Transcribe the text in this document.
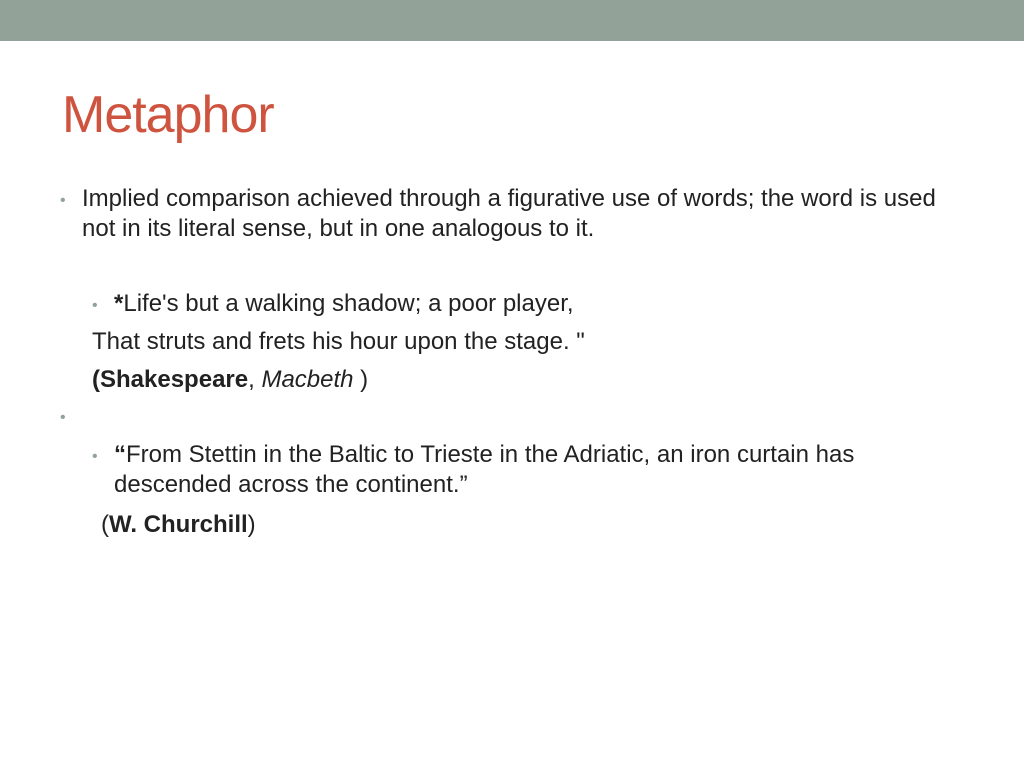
Metaphor
• Implied comparison achieved through a figurative use of words; the word is used not in its literal sense, but in one analogous to it.
• *Life's but a walking shadow; a poor player,
That struts and frets his hour upon the stage. "
(Shakespeare, Macbeth )
•
• “From Stettin in the Baltic to Trieste in the Adriatic, an iron curtain has descended across the continent.”
(W. Churchill)
